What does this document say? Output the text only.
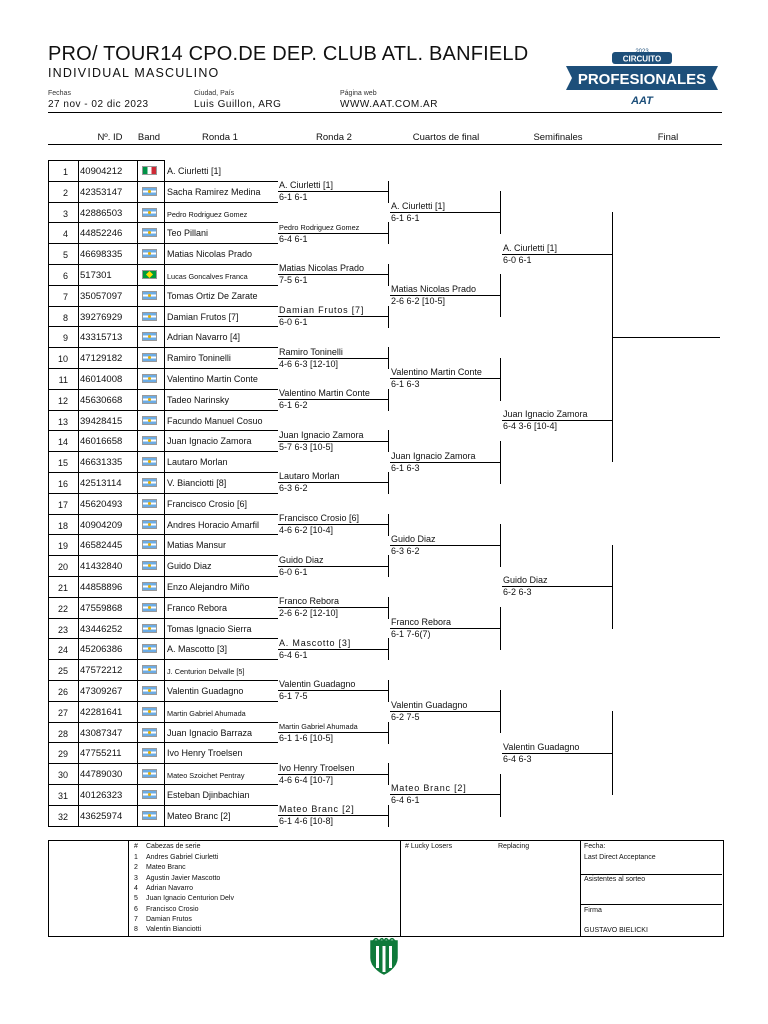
PRO/ TOUR14 CPO.DE DEP. CLUB ATL. BANFIELD
INDIVIDUAL MASCULINO
Fechas
27 nov - 02 dic 2023
Ciudad, País
Luis Guillon, ARG
Página web
WWW.AAT.COM.AR
CIRCUITO
PROFESIONALES
AAT
Nº. ID	Band	Ronda 1	Ronda 2	Cuartos de final	Semifinales	Final
1 40904212	A. Ciurletti [1]
2 42353147	Sacha Ramirez Medina
3 42886503	Pedro Rodriguez Gomez
4 44852246	Teo Pillani
5 46698335	Matias Nicolas Prado
6 517301	Lucas Goncalves Franca
7 35057097	Tomas Ortiz De Zarate
8 39276929	Damian Frutos [7]
9 43315713	Adrian Navarro [4]
10 47129182	Ramiro Toninelli
11 46014008	Valentino Martin Conte
12 45630668	Tadeo Narinsky
13 39428415	Facundo Manuel Cosuo
14 46016658	Juan Ignacio Zamora
15 46631335	Lautaro Morlan
16 42513114	V. Bianciotti [8]
17 45620493	Francisco Crosio [6]
18 40904209	Andres Horacio Amarfil
19 46582445	Matias Mansur
20 41432840	Guido Diaz
21 44858896	Enzo Alejandro Miño
22 47559868	Franco Rebora
23 43446252	Tomas Ignacio Sierra
24 45206386	A. Mascotto [3]
25 47572212	J. Centurion Delvalle [5]
26 47309267	Valentin Guadagno
27 42281641	Martin Gabriel Ahumada
28 43087347	Juan Ignacio Barraza
29 47755211	Ivo Henry Troelsen
30 44789030	Mateo Szoichet Pentray
31 40126323	Esteban Djinbachian
32 43625974	Mateo Branc [2]
A. Ciurletti [1]
6-1 6-1
Pedro Rodriguez Gomez
6-4 6-1
Matias Nicolas Prado
7-5 6-1
Damian Frutos [7]
6-0 6-1
Ramiro Toninelli
4-6 6-3 [12-10]
Valentino Martin Conte
6-1 6-2
Juan Ignacio Zamora
5-7 6-3 [10-5]
Lautaro Morlan
6-3 6-2
Francisco Crosio [6]
4-6 6-2 [10-4]
Guido Diaz
6-0 6-1
Franco Rebora
2-6 6-2 [12-10]
A. Mascotto [3]
6-4 6-1
Valentin Guadagno
6-1 7-5
Martin Gabriel Ahumada
6-1 1-6 [10-5]
Ivo Henry Troelsen
4-6 6-4 [10-7]
Mateo Branc [2]
6-1 4-6 [10-8]
A. Ciurletti [1]
6-1 6-1
Matias Nicolas Prado
2-6 6-2 [10-5]
Valentino Martin Conte
6-1 6-3
Juan Ignacio Zamora
6-1 6-3
Guido Diaz
6-3 6-2
Franco Rebora
6-1 7-6(7)
Valentin Guadagno
6-2 7-5
Mateo Branc [2]
6-4 6-1
A. Ciurletti [1]
6-0 6-1
Juan Ignacio Zamora
6-4 3-6 [10-4]
Guido Diaz
6-2 6-3
Valentin Guadagno
6-4 6-3
# Cabezas de serie
1 Andres Gabriel Ciurletti
2 Mateo Branc
3 Agustin Javier Mascotto
4 Adrian Navarro
5 Juan Ignacio Centurion Delv
6 Francisco Crosio
7 Damian Frutos
8 Valentin Bianciotti
# Lucky Losers	Replacing	Fecha:
Last Direct Acceptance
Asistentes al sorteo
Firma
GUSTAVO BIELICKI
